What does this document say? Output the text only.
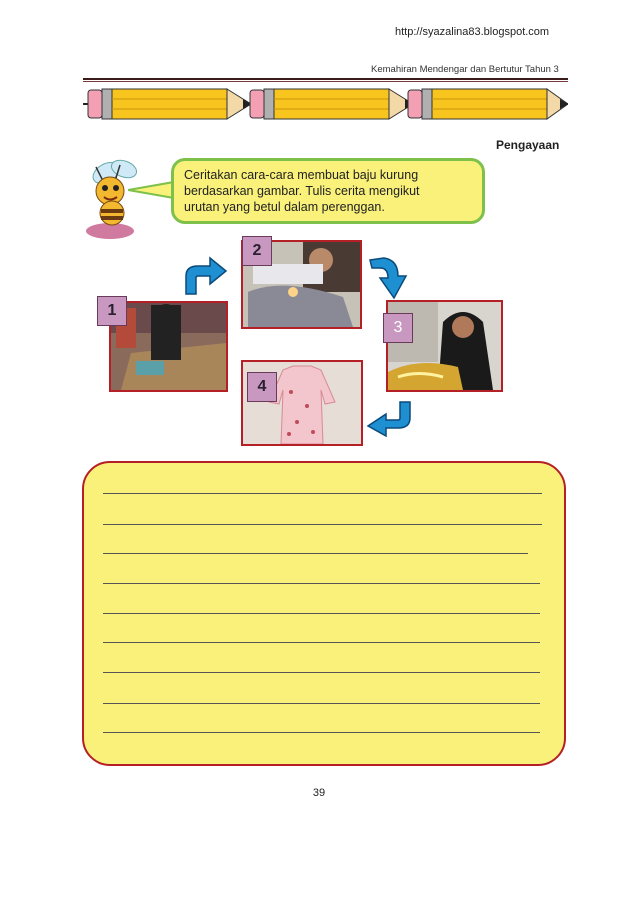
http://syazalina83.blogspot.com
Kemahiran Mendengar dan Bertutur Tahun 3
Pengayaan
Ceritakan cara-cara membuat baju kurung
berdasarkan gambar. Tulis cerita mengikut
urutan yang betul dalam perenggan.
1
2
3
4
39
